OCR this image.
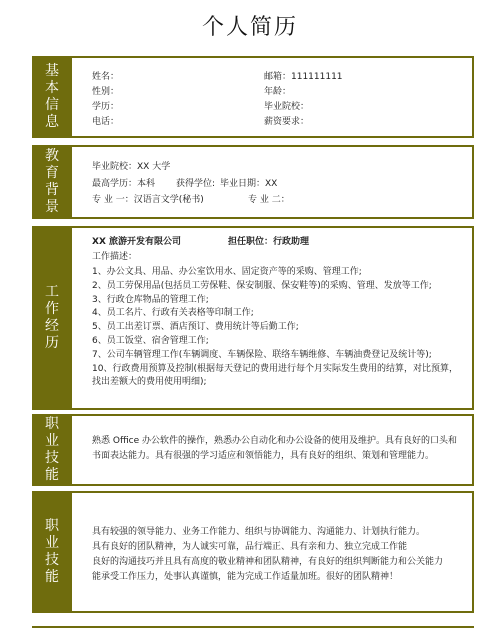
个人简历
基本信息
姓名：
性别：
学历：
电话：
邮箱：111111111
年龄：
毕业院校：
薪资要求：
教育背景
毕业院校：XX 大学
最高学历：本科 获得学位: 毕业日期：XX
专 业 一：汉语言文学(秘书)	专 业 二：
工作经历
XX 旅游开发有限公司	担任职位：行政助理
工作描述：
1、办公文具、用品、办公室饮用水、固定资产等的采购、管理工作;
2、员工劳保用品(包括员工劳保鞋、保安制服、保安鞋等)的采购、管理、发放等工作;
3、行政仓库物品的管理工作;
4、员工名片、行政有关表格等印制工作;
5、员工出差订票、酒店预订、费用统计等后勤工作;
6、员工饭堂、宿舍管理工作;
7、公司车辆管理工作(车辆调度、车辆保险、联络车辆维修、车辆油费登记及统计等);
10、行政费用预算及控制(根据每天登记的费用进行每个月实际发生费用的结算，对比预算，
找出差额大的费用使用明细);
职业技能
熟悉 Office 办公软件的操作，熟悉办公自动化和办公设备的使用及维护。具有良好的口头和书面表达能力。具有很强的学习适应和领悟能力，具有良好的组织、策划和管理能力。
职业技能
具有较强的领导能力、业务工作能力、组织与协调能力、沟通能力、计划执行能力。
具有良好的团队精神，为人诚实可靠，品行端正、具有亲和力、独立完成工作能
良好的沟通技巧并且具有高度的敬业精神和团队精神，有良好的组织判断能力和公关能力
能承受工作压力，处事认真谨慎，能为完成工作适量加班。很好的团队精神！
